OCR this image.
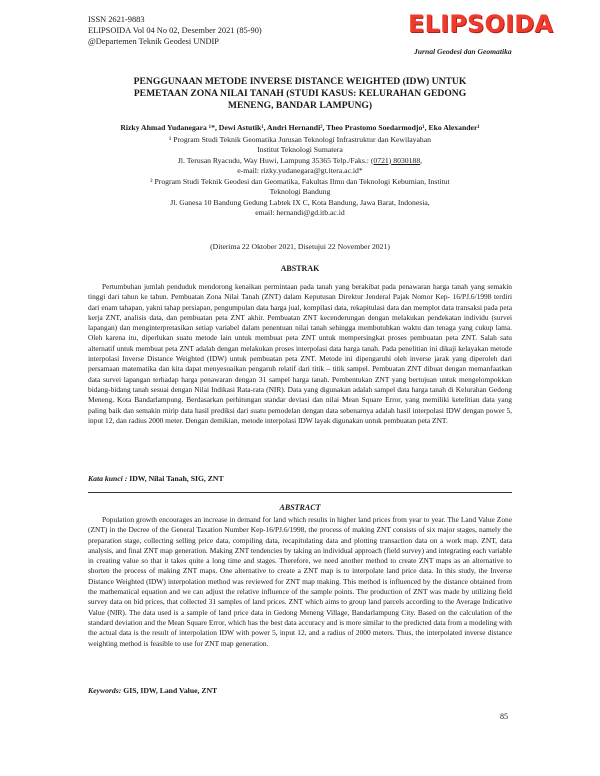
ISSN 2621-9883
ELIPSOIDA Vol 04 No 02, Desember 2021 (85-90)
@Departemen Teknik Geodesi UNDIP
ELIPSOIDA
Jurnal Geodesi dan Geomatika
PENGGUNAAN METODE INVERSE DISTANCE WEIGHTED (IDW) UNTUK
PEMETAAN ZONA NILAI TANAH (STUDI KASUS: KELURAHAN GEDONG
MENENG, BANDAR LAMPUNG)
Rizky Ahmad Yudanegara ¹*, Dewi Astutik¹, Andri Hernandi², Theo Prastomo Soedarmodjo¹, Eko Alexander¹
¹ Program Studi Teknik Geomatika Jurusan Teknologi Infrastruktur dan Kewilayahan
Institut Teknologi Sumatera
Jl. Terusan Ryacudu, Way Huwi, Lampung 35365 Telp./Faks.: (0721) 8030188,
e-mail: rizky.yudanegara@gt.itera.ac.id*
² Program Studi Teknik Geodesi dan Geomatika, Fakultas Ilmu dan Teknologi Kebumian, Institut
Teknologi Bandung
Jl. Ganesa 10 Bandung Gedung Labtek IX C, Kota Bandung, Jawa Barat, Indonesia,
email: hernandi@gd.itb.ac.id
(Diterima 22 Oktober 2021, Disetujui 22 November 2021)
ABSTRAK

Pertumbuhan jumlah penduduk mendorong kenaikan permintaan pada tanah yang berakibat pada penawaran harga tanah yang semakin tinggi dari tahun ke tahun. Pembuatan Zona Nilai Tanah (ZNT) dalam Keputusan Direktur Jenderal Pajak Nomor Kep- 16/PJ.6/1998 terdiri dari enam tahapan, yakni tahap persiapan, pengumpulan data harga jual, kompilasi data, rekapitulasi data dan memplot data transaksi pada peta kerja ZNT, analisis data, dan pembuatan peta ZNT akhir. Pembuatan ZNT kecenderungan dengan melakukan pendekatan individu (survei lapangan) dan menginterpretasikan setiap variabel dalam penentuan nilai tanah sehingga membutuhkan waktu dan tenaga yang cukup lama. Oleh karena itu, diperlukan suatu metode lain untuk membuat peta ZNT untuk mempersingkat proses pembuatan peta ZNT. Salah satu alternatif untuk membuat peta ZNT adalah dengan melakukan proses interpolasi data harga tanah. Pada penelitian ini dikaji kelayakan metode interpolasi Inverse Distance Weighted (IDW) untuk pembuatan peta ZNT. Metode ini dipengaruhi oleh inverse jarak yang diperoleh dari persamaan matematika dan kita dapat menyesuaikan pengaruh relatif dari titik – titik sampel. Pembuatan ZNT dibuat dengan memanfaatkan data survei lapangan terhadap harga penawaran dengan 31 sampel harga tanah. Pembentukan ZNT yang bertujuan untuk mengelompokkan bidang-bidang tanah sesuai dengan Nilai Indikasi Rata-rata (NIR). Data yang digunakan adalah sampel data harga tanah di Kelurahan Gedong Meneng, Kota Bandarlampung. Berdasarkan perhitungan standar deviasi dan nilai Mean Square Error, yang memiliki ketelitian data yang paling baik dan semakin mirip data hasil prediksi dari suatu pemodelan dengan data sebenarnya adalah hasil interpolasi IDW dengan power 5, input 12, dan radius 2000 meter. Dengan demikian, metode interpolasi IDW layak digunakan untuk pembuatan peta ZNT.

Kata kunci : IDW, Nilai Tanah, SIG, ZNT
ABSTRACT

Population growth encourages an increase in demand for land which results in higher land prices from year to year. The Land Value Zone (ZNT) in the Decree of the General Taxation Number Kep-16/PJ.6/1998, the process of making ZNT consists of six major stages, namely the preparation stage, collecting selling price data, compiling data, recapitulating data and plotting transaction data on a work map. ZNT, data analysis, and final ZNT map generation. Making ZNT tendencies by taking an individual approach (field survey) and integrating each variable in creating value so that it takes quite a long time and stages. Therefore, we need another method to create ZNT maps as an alternative to shorten the process of making ZNT maps. One alternative to create a ZNT map is to interpolate land price data. In this study, the Inverse Distance Weighted (IDW) interpolation method was reviewed for ZNT map making. This method is influenced by the distance obtained from the mathematical equation and we can adjust the relative influence of the sample points. The production of ZNT was made by utilizing field survey data on bid prices, that collected 31 samples of land prices. ZNT which aims to group land parcels according to the Average Indicative Value (NIR). The data used is a sample of land price data in Gedong Meneng Village, Bandarlampung City. Based on the calculation of the standard deviation and the Mean Square Error, which has the best data accuracy and is more similar to the predicted data from a modeling with the actual data is the result of interpolation IDW with power 5, input 12, and a radius of 2000 meters. Thus, the interpolated inverse distance weighting method is feasible to use for ZNT map generation.

Keywords: GIS, IDW, Land Value, ZNT
85
